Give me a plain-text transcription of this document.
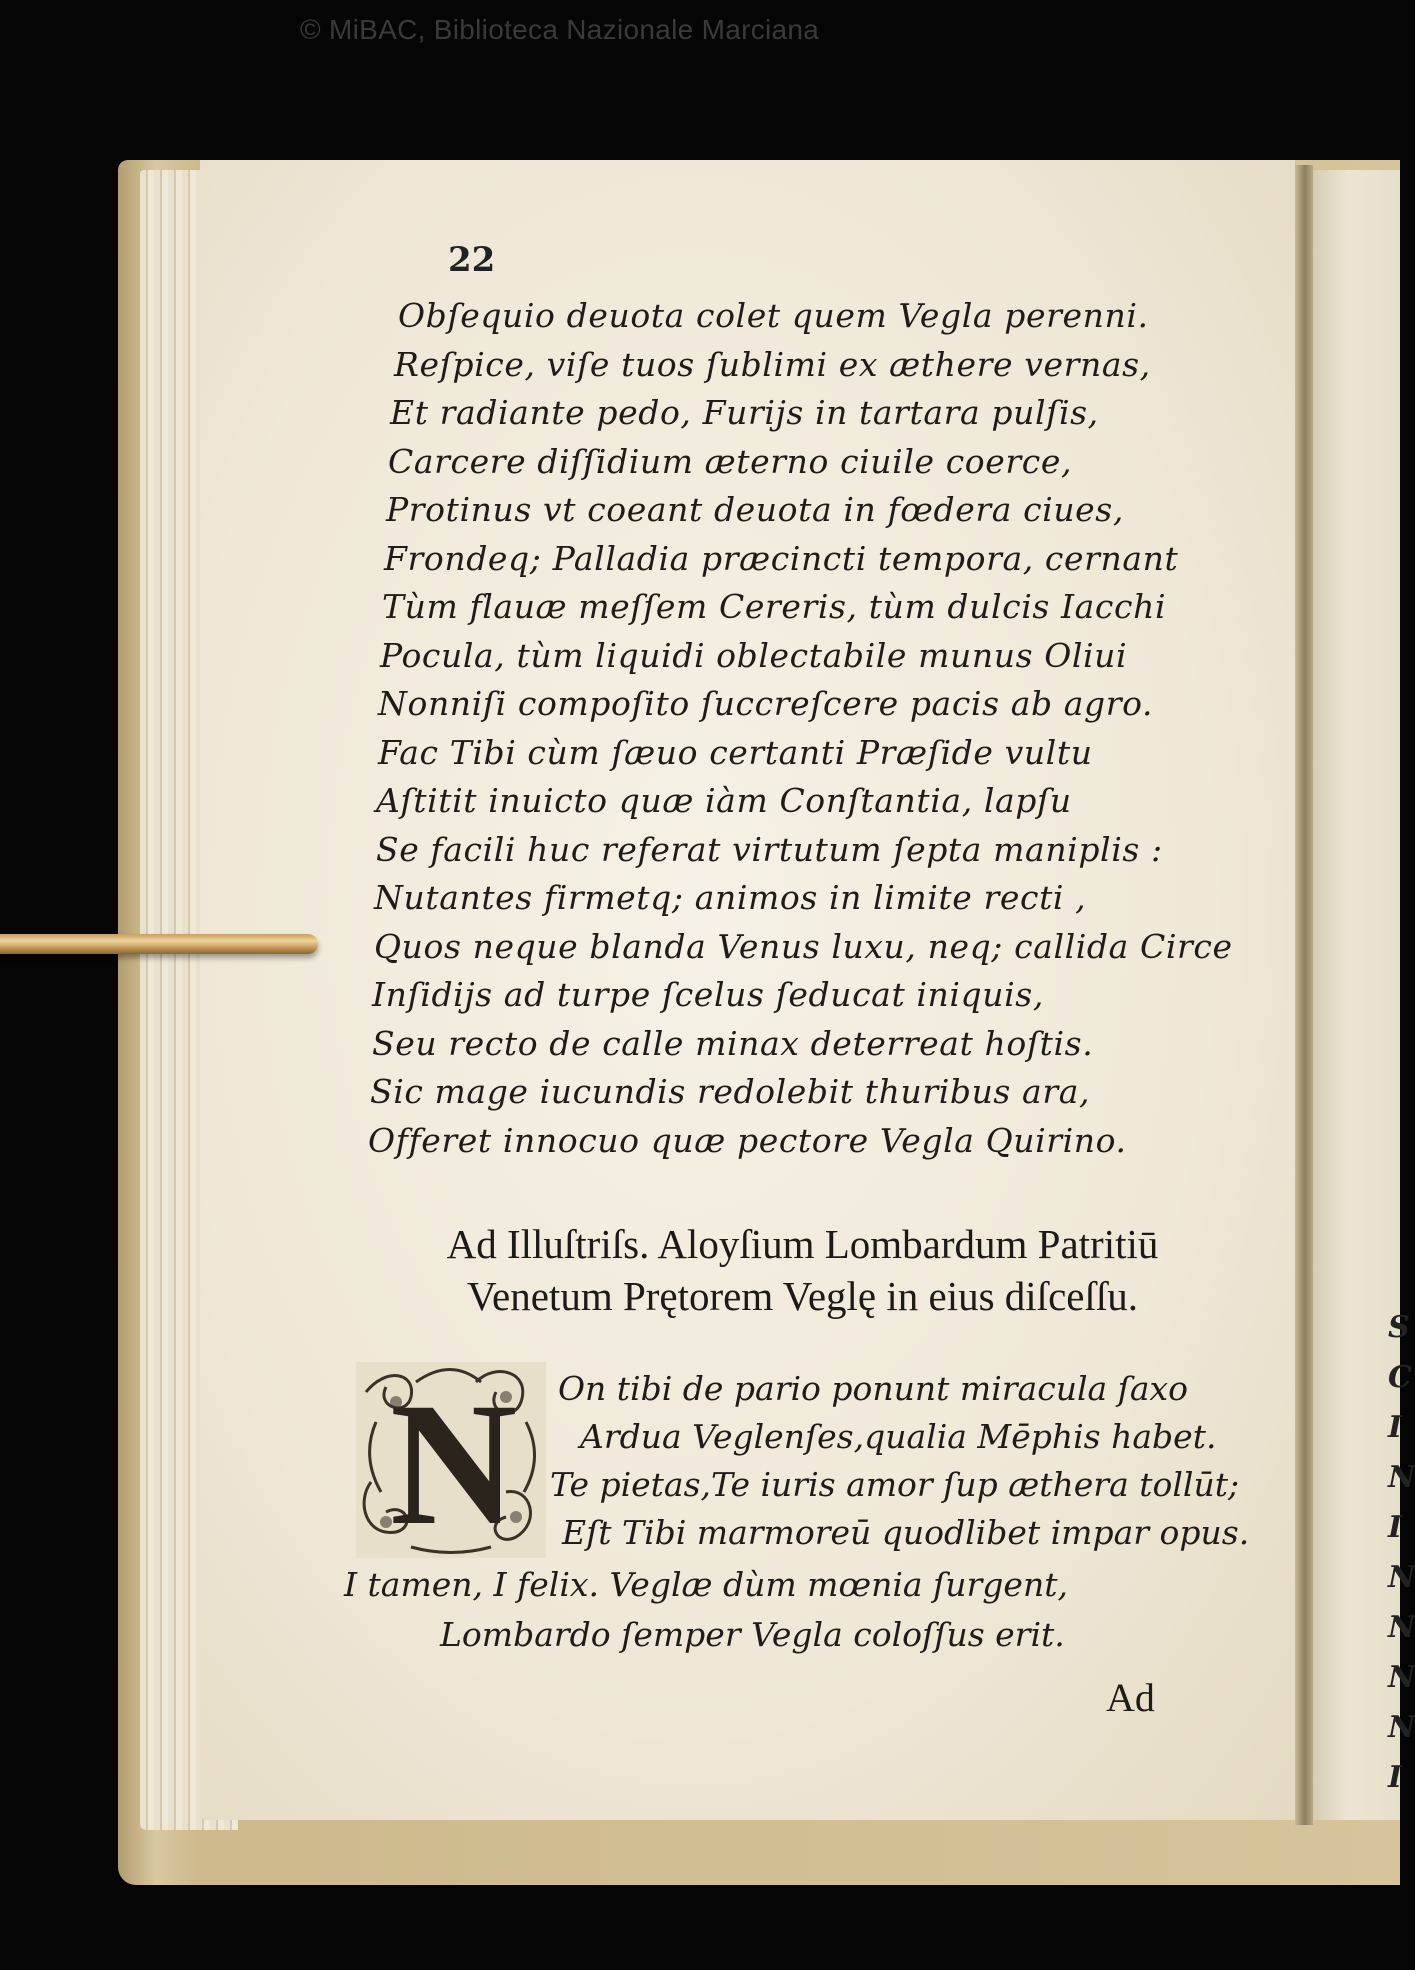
© MiBAC, Biblioteca Nazionale Marciana
S
C
I
N
I
N
N
N
N
I
22
Obſequio deuota colet quem Vegla perenni.
Reſpice, viſe tuos ſublimi ex æthere vernas,
Et radiante pedo, Furijs in tartara pulſis,
Carcere diſſidium æterno ciuile coerce,
Protinus vt coeant deuota in fœdera ciues,
Frondeq; Palladia præcincti tempora, cernant
Tùm flauæ meſſem Cereris, tùm dulcis Iacchi
Pocula, tùm liquidi oblectabile munus Oliui
Nonniſi compoſito ſuccreſcere pacis ab agro.
Fac Tibi cùm ſæuo certanti Præſide vultu
Aſtitit inuicto quæ iàm Conſtantia, lapſu
Se facili huc referat virtutum ſepta maniplis :
Nutantes firmetq; animos in limite recti ,
Quos neque blanda Venus luxu, neq; callida Circe
Inſidijs ad turpe ſcelus ſeducat iniquis,
Seu recto de calle minax deterreat hoſtis.
Sic mage iucundis redolebit thuribus ara,
Offeret innocuo quæ pectore Vegla Quirino.
Ad Illuſtriſs. Aloyſium Lombardum Patritiū
Venetum Prętorem Veglę in eius diſceſſu.
N On tibi de pario ponunt miracula ſaxo
Ardua Veglenſes,qualia Mēphis habet.
Te pietas,Te iuris amor ſup æthera tollūt;
Eſt Tibi marmoreū quodlibet impar opus.
I tamen, I felix. Veglæ dùm mœnia ſurgent,
Lombardo ſemper Vegla coloſſus erit.
Ad
